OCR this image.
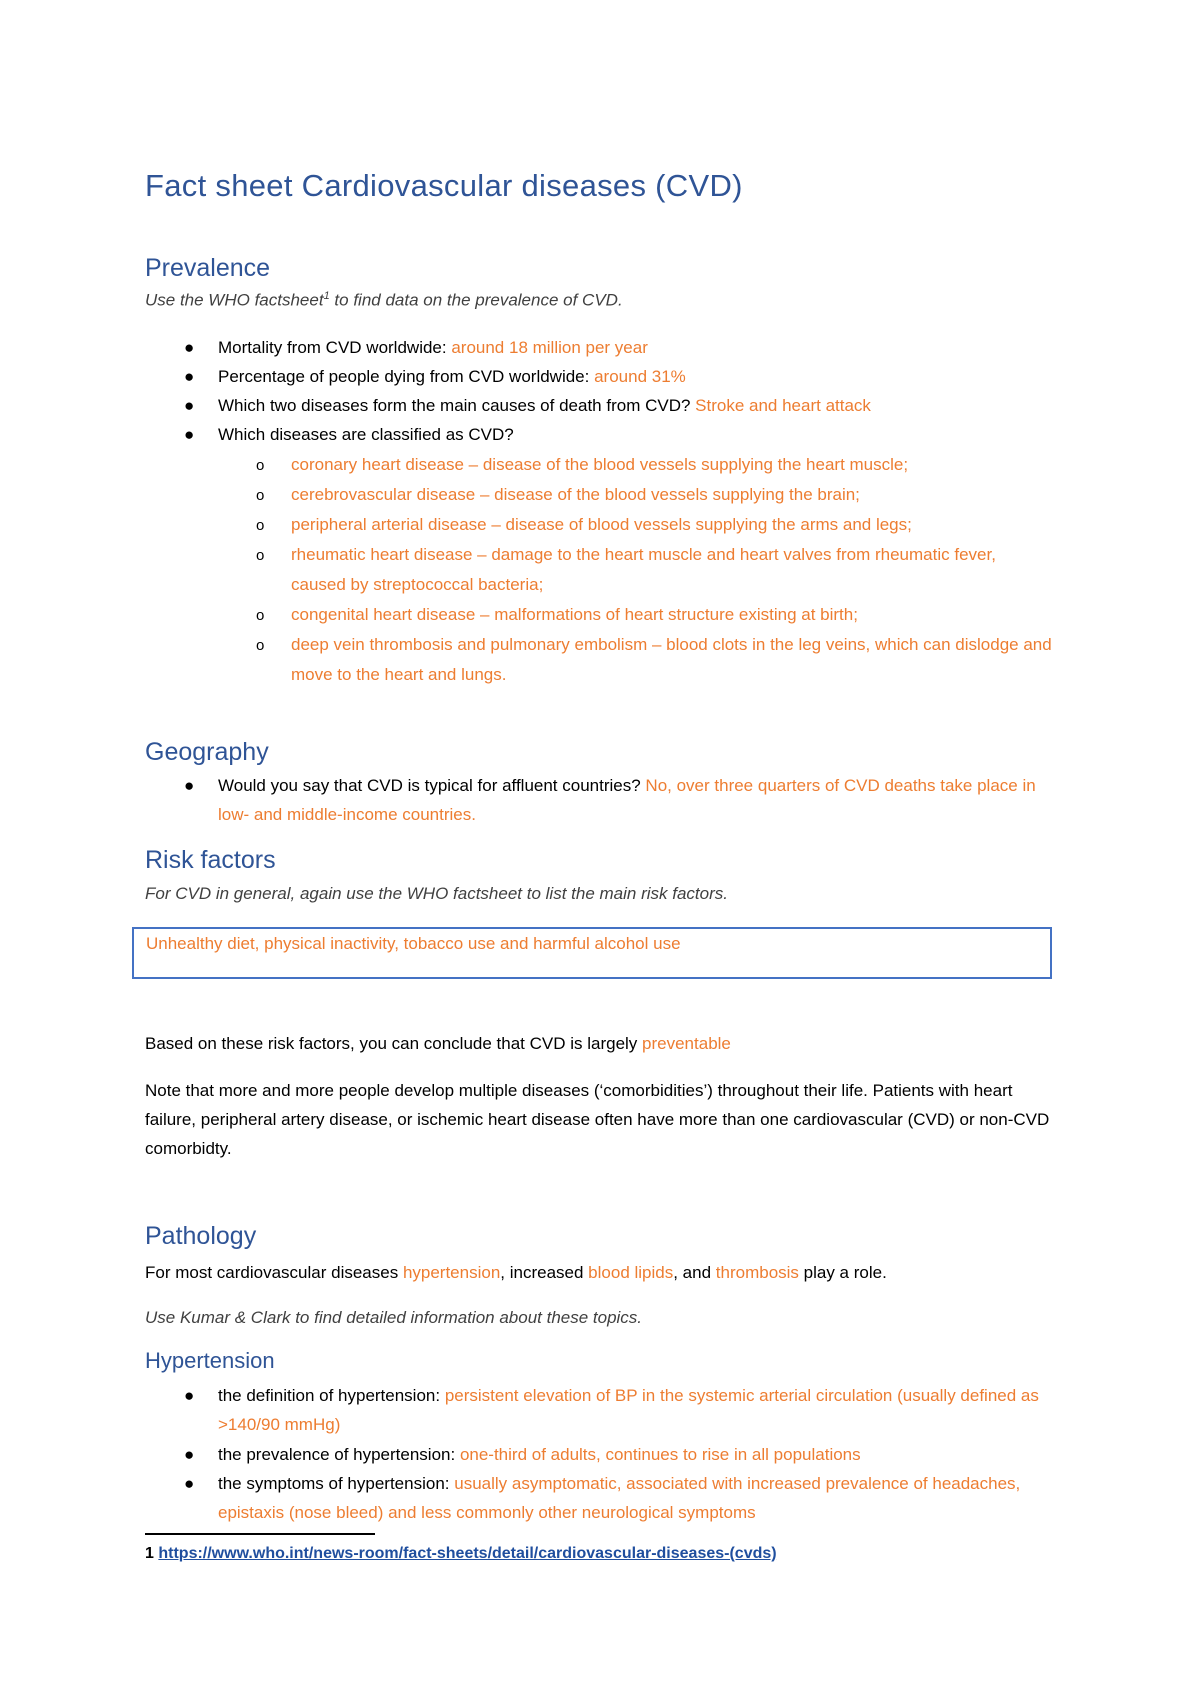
Fact sheet Cardiovascular diseases (CVD)
Prevalence
Use the WHO factsheet$^1$ to find data on the prevalence of CVD.
● Mortality from CVD worldwide: around 18 million per year
● Percentage of people dying from CVD worldwide: around 31%
● Which two diseases form the main causes of death from CVD? Stroke and heart attack
● Which diseases are classified as CVD?
o coronary heart disease – disease of the blood vessels supplying the heart muscle;
o cerebrovascular disease – disease of the blood vessels supplying the brain;
o peripheral arterial disease – disease of blood vessels supplying the arms and legs;
o rheumatic heart disease – damage to the heart muscle and heart valves from rheumatic fever, caused by streptococcal bacteria;
o congenital heart disease – malformations of heart structure existing at birth;
o deep vein thrombosis and pulmonary embolism – blood clots in the leg veins, which can dislodge and move to the heart and lungs.
Geography
● Would you say that CVD is typical for affluent countries? No, over three quarters of CVD deaths take place in low- and middle-income countries.
Risk factors
For CVD in general, again use the WHO factsheet to list the main risk factors.
Unhealthy diet, physical inactivity, tobacco use and harmful alcohol use
Based on these risk factors, you can conclude that CVD is largely preventable
Note that more and more people develop multiple diseases (‘comorbidities’) throughout their life. Patients with heart failure, peripheral artery disease, or ischemic heart disease often have more than one cardiovascular (CVD) or non-CVD comorbidty.
Pathology
For most cardiovascular diseases hypertension, increased blood lipids, and thrombosis play a role.
Use Kumar & Clark to find detailed information about these topics.
Hypertension
● the definition of hypertension: persistent elevation of BP in the systemic arterial circulation (usually defined as >140/90 mmHg)
● the prevalence of hypertension: one-third of adults, continues to rise in all populations
● the symptoms of hypertension: usually asymptomatic, associated with increased prevalence of headaches, epistaxis (nose bleed) and less commonly other neurological symptoms
1 https://www.who.int/news-room/fact-sheets/detail/cardiovascular-diseases-(cvds)
